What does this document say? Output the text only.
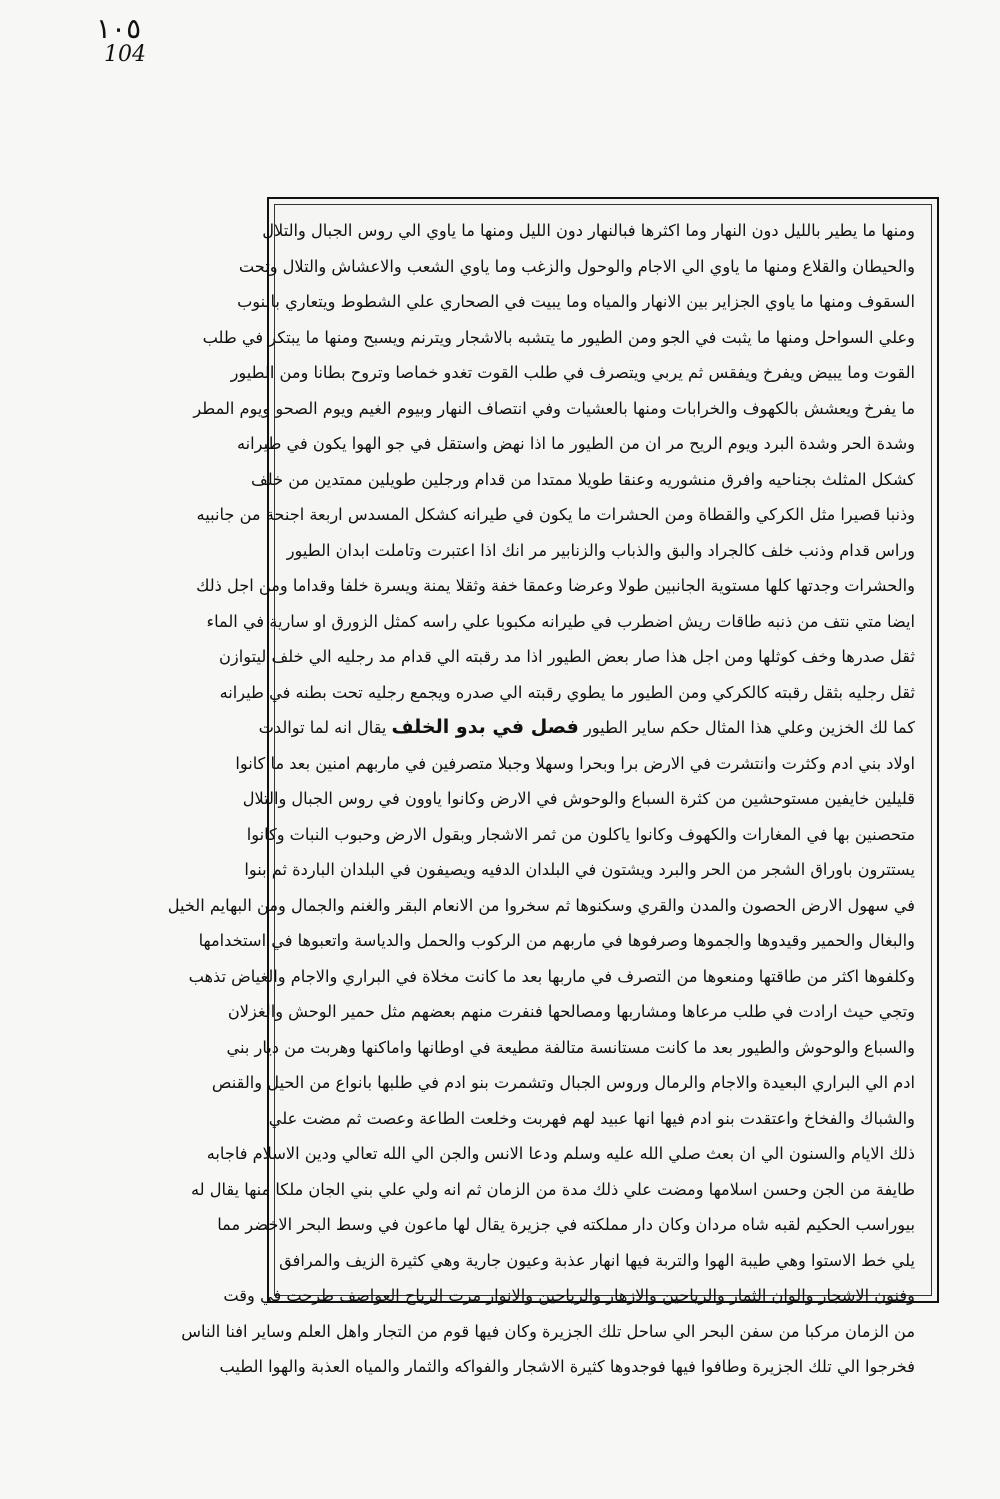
١٠٥
104
ومنها ما يطير بالليل دون النهار وما اكثرها فبالنهار دون الليل ومنها ما ياوي الي روس الجبال والتلال
والحيطان والقلاع ومنها ما ياوي الي الاجام والوحول والزغب وما ياوي الشعب والاعشاش والتلال وتحت
السقوف ومنها ما ياوي الجزاير بين الانهار والمياه وما يبيت في الصحاري علي الشطوط ويتعاري بالنوب
وعلي السواحل ومنها ما يثبت في الجو ومن الطيور ما يتشبه بالاشجار ويترنم ويسبح ومنها ما يبتكر في طلب
القوت وما يبيض ويفرخ ويفقس ثم يربي ويتصرف في طلب القوت تغدو خماصا وتروح بطانا ومن الطيور
ما يفرخ ويعشش بالكهوف والخرابات ومنها بالعشيات وفي انتصاف النهار وبيوم الغيم ويوم الصحو ويوم المطر
وشدة الحر وشدة البرد ويوم الريح مر ان من الطيور ما اذا نهض واستقل في جو الهوا يكون في طيرانه
كشكل المثلث بجناحيه وافرق منشوريه وعنقا طويلا ممتدا من قدام ورجلين طويلين ممتدين من خلف
وذنبا قصيرا مثل الكركي والقطاة ومن الحشرات ما يكون في طيرانه كشكل المسدس اربعة اجنحة من جانبيه
وراس قدام وذنب خلف كالجراد والبق والذباب والزنابير مر انك اذا اعتبرت وتاملت ابدان الطيور
والحشرات وجدتها كلها مستوية الجانبين طولا وعرضا وعمقا خفة وثقلا يمنة ويسرة خلفا وقداما ومن اجل ذلك
ايضا متي نتف من ذنبه طاقات ريش اضطرب في طيرانه مكبوبا علي راسه كمثل الزورق او سارية في الماء
ثقل صدرها وخف كوثلها ومن اجل هذا صار بعض الطيور اذا مد رقبته الي قدام مد رجليه الي خلف ليتوازن
ثقل رجليه بثقل رقبته كالكركي ومن الطيور ما يطوي رقبته الي صدره ويجمع رجليه تحت بطنه في طيرانه
كما لك الخزين وعلي هذا المثال حكم ساير الطيور فصل في بدو الخلف يقال انه لما توالدت
اولاد بني ادم وكثرت وانتشرت في الارض برا وبحرا وسهلا وجبلا متصرفين في ماربهم امنين بعد ما كانوا
قليلين خايفين مستوحشين من كثرة السباع والوحوش في الارض وكانوا ياوون في روس الجبال والتلال
متحصنين بها في المغارات والكهوف وكانوا ياكلون من ثمر الاشجار وبقول الارض وحبوب النبات وكانوا
يستترون باوراق الشجر من الحر والبرد ويشتون في البلدان الدفيه ويصيفون في البلدان الباردة ثم بنوا
في سهول الارض الحصون والمدن والقري وسكنوها ثم سخروا من الانعام البقر والغنم والجمال ومن البهايم الخيل
والبغال والحمير وقيدوها والجموها وصرفوها في ماربهم من الركوب والحمل والدياسة واتعبوها في استخدامها
وكلفوها اكثر من طاقتها ومنعوها من التصرف في ماربها بعد ما كانت مخلاة في البراري والاجام والغياض تذهب
وتجي حيث ارادت في طلب مرعاها ومشاربها ومصالحها فنفرت منهم بعضهم مثل حمير الوحش والغزلان
والسباع والوحوش والطيور بعد ما كانت مستانسة متالفة مطيعة في اوطانها واماكنها وهربت من ديار بني
ادم الي البراري البعيدة والاجام والرمال وروس الجبال وتشمرت بنو ادم في طلبها بانواع من الحيل والقنص
والشباك والفخاخ واعتقدت بنو ادم فيها انها عبيد لهم فهربت وخلعت الطاعة وعصت ثم مضت علي
ذلك الايام والسنون الي ان بعث صلي الله عليه وسلم ودعا الانس والجن الي الله تعالي ودين الاسلام فاجابه
طايفة من الجن وحسن اسلامها ومضت علي ذلك مدة من الزمان ثم انه ولي علي بني الجان ملكا منها يقال له
بيوراسب الحكيم لقبه شاه مردان وكان دار مملكته في جزيرة يقال لها ماعون في وسط البحر الاخضر مما
يلي خط الاستوا وهي طيبة الهوا والتربة فيها انهار عذبة وعيون جارية وهي كثيرة الزيف والمرافق
وفنون الاشجار والوان الثمار والرياحين والازهار والرياحين والانوار مرت الرياح العواصف طرحت في وقت
من الزمان مركبا من سفن البحر الي ساحل تلك الجزيرة وكان فيها قوم من التجار واهل العلم وساير افنا الناس
فخرجوا الي تلك الجزيرة وطافوا فيها فوجدوها كثيرة الاشجار والفواكه والثمار والمياه العذبة والهوا الطيب
